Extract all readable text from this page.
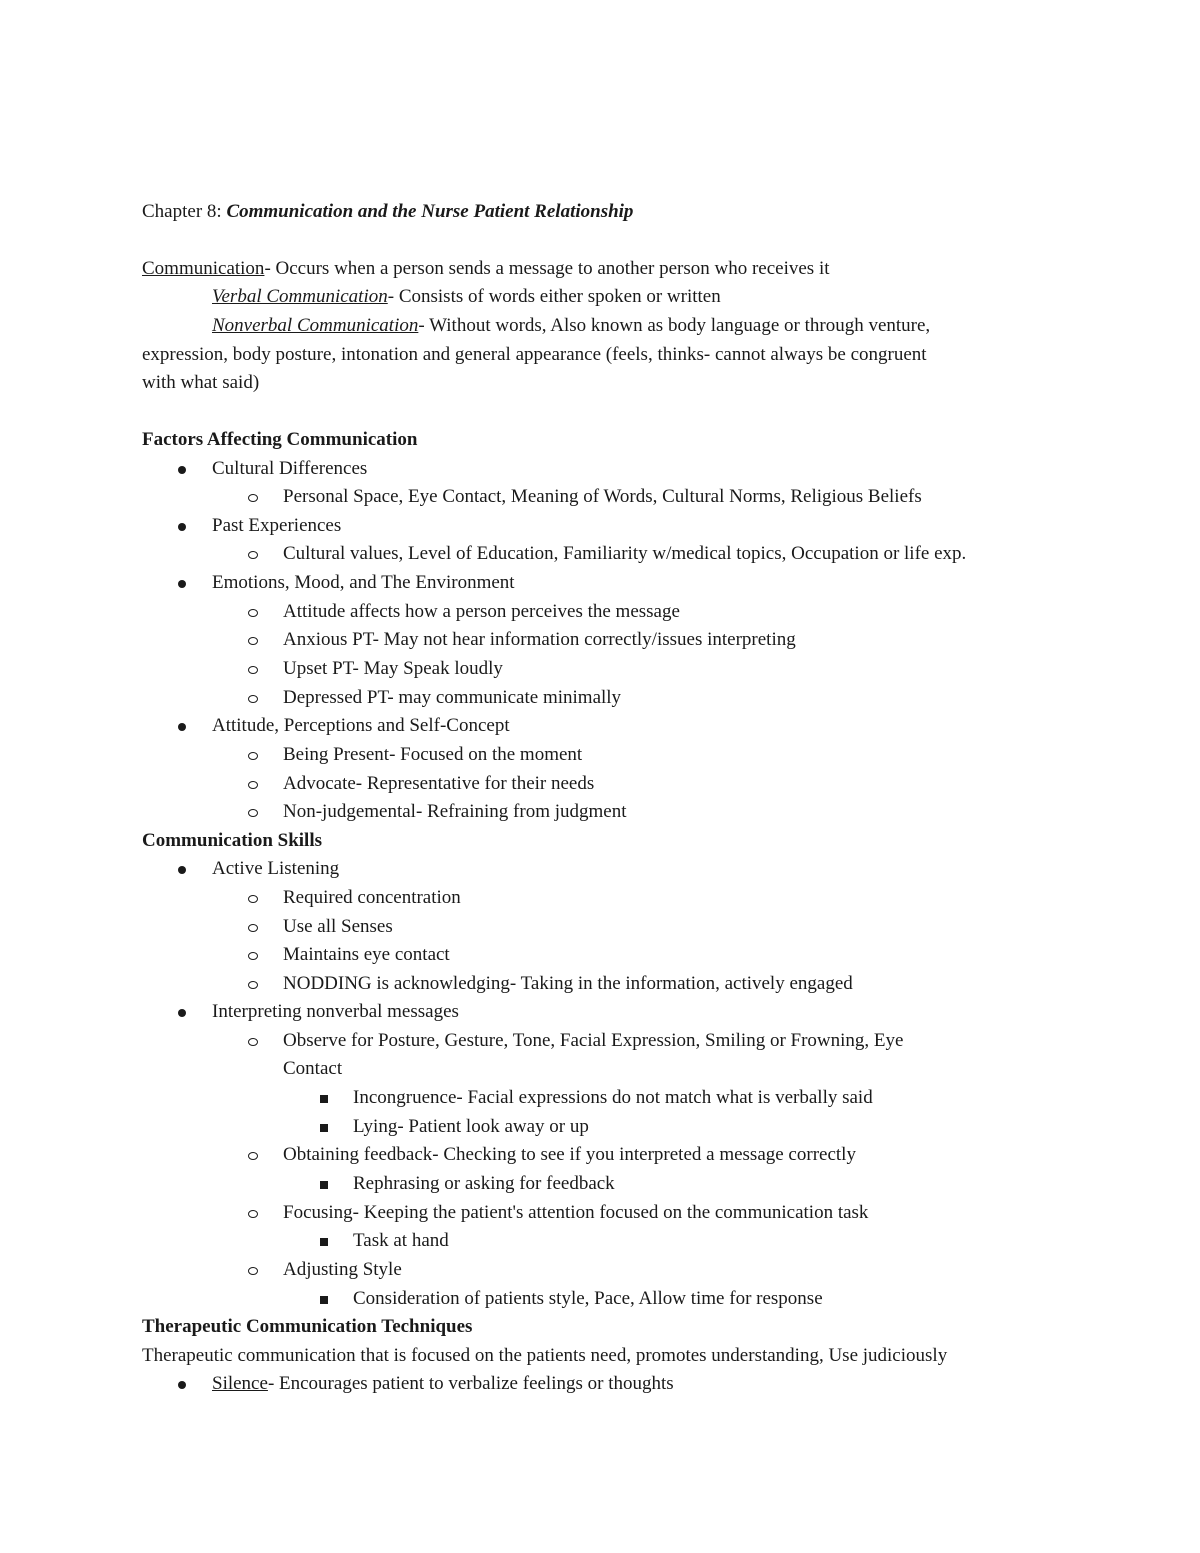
Chapter 8: Communication and the Nurse Patient Relationship
Communication- Occurs when a person sends a message to another person who receives it
Verbal Communication- Consists of words either spoken or written
Nonverbal Communication- Without words, Also known as body language or through venture,
expression, body posture, intonation and general appearance (feels, thinks- cannot always be congruent
with what said)
Factors Affecting Communication
Cultural Differences
Personal Space, Eye Contact, Meaning of Words, Cultural Norms, Religious Beliefs
Past Experiences
Cultural values, Level of Education, Familiarity w/medical topics, Occupation or life exp.
Emotions, Mood, and The Environment
Attitude affects how a person perceives the message
Anxious PT- May not hear information correctly/issues interpreting
Upset PT- May Speak loudly
Depressed PT- may communicate minimally
Attitude, Perceptions and Self-Concept
Being Present- Focused on the moment
Advocate- Representative for their needs
Non-judgemental- Refraining from judgment
Communication Skills
Active Listening
Required concentration
Use all Senses
Maintains eye contact
NODDING is acknowledging- Taking in the information, actively engaged
Interpreting nonverbal messages
Observe for Posture, Gesture, Tone, Facial Expression, Smiling or Frowning, Eye
Contact
Incongruence- Facial expressions do not match what is verbally said
Lying- Patient look away or up
Obtaining feedback- Checking to see if you interpreted a message correctly
Rephrasing or asking for feedback
Focusing- Keeping the patient's attention focused on the communication task
Task at hand
Adjusting Style
Consideration of patients style, Pace, Allow time for response
Therapeutic Communication Techniques
Therapeutic communication that is focused on the patients need, promotes understanding, Use judiciously
Silence- Encourages patient to verbalize feelings or thoughts
